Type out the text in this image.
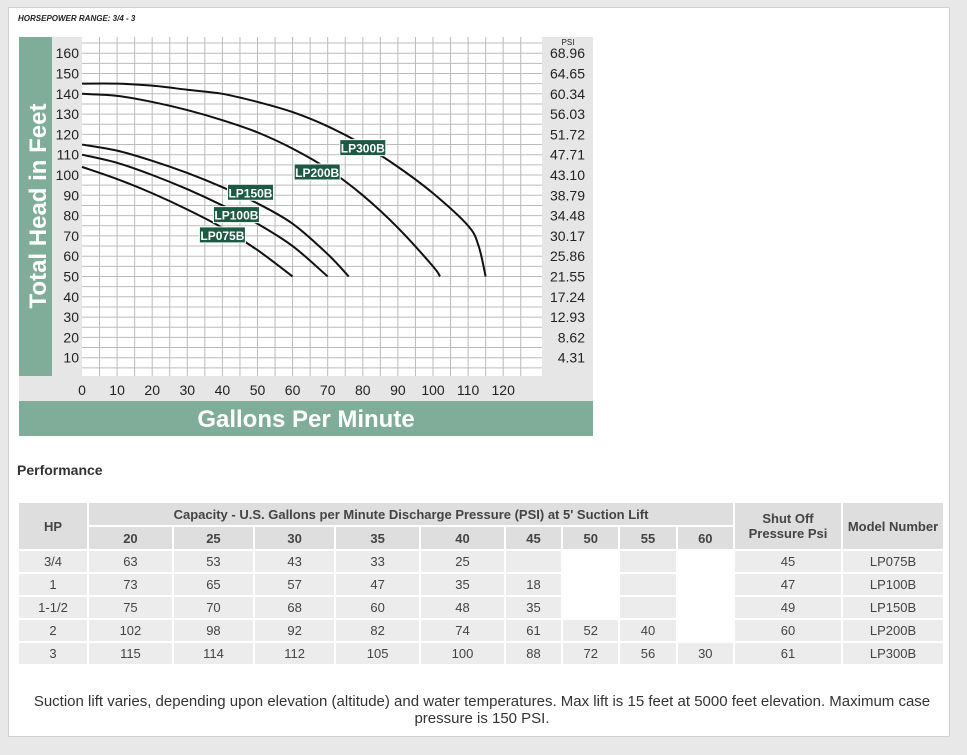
HORSEPOWER RANGE: 3/4 - 3
Total Head in Feet
PSI
Gallons Per Minute
160
150
140
130
120
110
100
90
80
70
60
50
40
30
20
10
68.96
64.65
60.34
56.03
51.72
47.71
43.10
38.79
34.48
30.17
25.86
21.55
17.24
12.93
8.62
4.31
0 10 20 30 40 50 60 70 80 90 100 110 120
LP075B
LP100B
LP150B
LP200B
LP300B
Performance
HP	Capacity - U.S. Gallons per Minute Discharge Pressure (PSI) at 5' Suction Lift									Shut Off Pressure Psi	Model Number
	20	25	30	35	40	45	50	55	60		
3/4	63	53	43	33	25					45	LP075B
1	73	65	57	47	35	18				47	LP100B
1-1/2	75	70	68	60	48	35				49	LP150B
2	102	98	92	82	74	61	52	40		60	LP200B
3	115	114	112	105	100	88	72	56	30	61	LP300B
Suction lift varies, depending upon elevation (altitude) and water temperatures. Max lift is 15 feet at 5000 feet elevation. Maximum case pressure is 150 PSI.
